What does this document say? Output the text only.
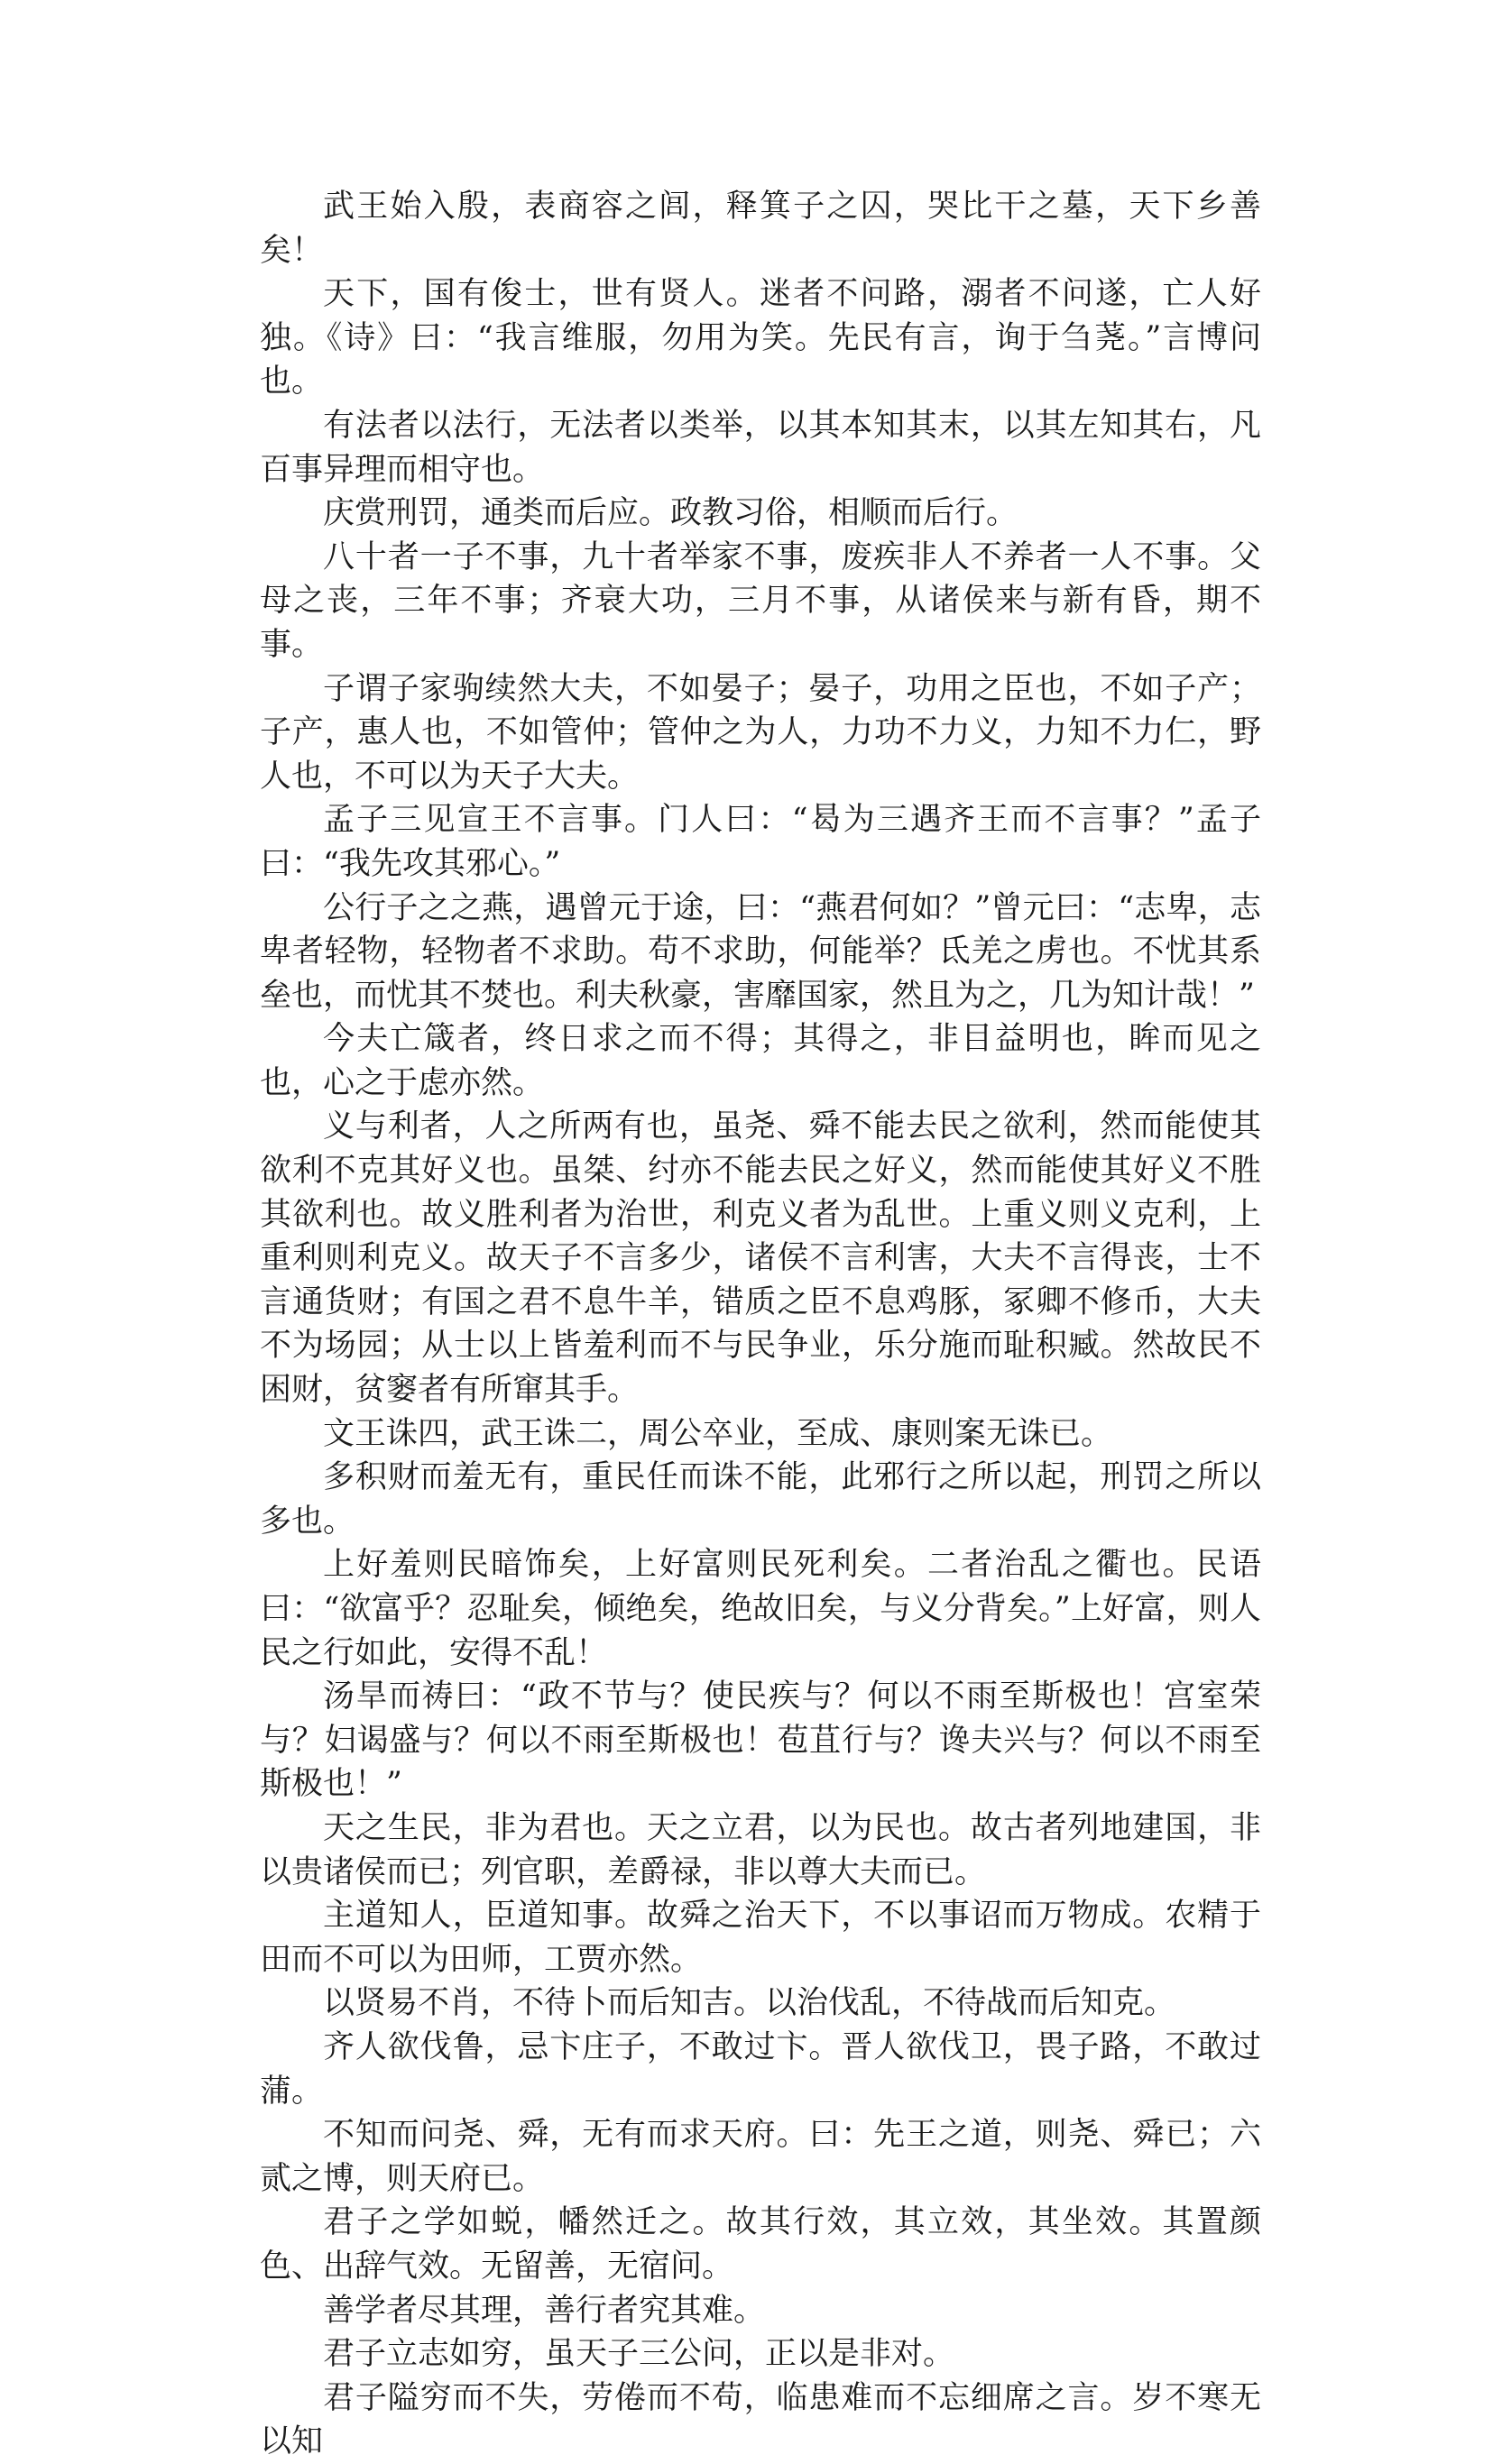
武王始入殷，表商容之闾，释箕子之囚，哭比干之墓，天下乡善矣！

天下，国有俊士，世有贤人。迷者不问路，溺者不问遂，亡人好独。《诗》曰：“我言维服，勿用为笑。先民有言，询于刍荛。”言博问也。

有法者以法行，无法者以类举，以其本知其末，以其左知其右，凡百事异理而相守也。

庆赏刑罚，通类而后应。政教习俗，相顺而后行。

八十者一子不事，九十者举家不事，废疾非人不养者一人不事。父母之丧，三年不事；齐衰大功，三月不事，从诸侯来与新有昏，期不事。

子谓子家驹续然大夫，不如晏子；晏子，功用之臣也，不如子产；子产，惠人也，不如管仲；管仲之为人，力功不力义，力知不力仁，野人也，不可以为天子大夫。

孟子三见宣王不言事。门人曰：“曷为三遇齐王而不言事？”孟子曰：“我先攻其邪心。”

公行子之之燕，遇曾元于途，曰：“燕君何如？”曾元曰：“志卑，志卑者轻物，轻物者不求助。苟不求助，何能举？氐羌之虏也。不忧其系垒也，而忧其不焚也。利夫秋豪，害靡国家，然且为之，几为知计哉！”

今夫亡箴者，终日求之而不得；其得之，非目益明也，眸而见之也，心之于虑亦然。

义与利者，人之所两有也，虽尧、舜不能去民之欲利，然而能使其欲利不克其好义也。虽桀、纣亦不能去民之好义，然而能使其好义不胜其欲利也。故义胜利者为治世，利克义者为乱世。上重义则义克利，上重利则利克义。故天子不言多少，诸侯不言利害，大夫不言得丧，士不言通货财；有国之君不息牛羊，错质之臣不息鸡豚，冢卿不修币，大夫不为场园；从士以上皆羞利而不与民争业，乐分施而耻积臧。然故民不困财，贫窭者有所窜其手。

文王诛四，武王诛二，周公卒业，至成、康则案无诛已。

多积财而羞无有，重民任而诛不能，此邪行之所以起，刑罚之所以多也。

上好羞则民暗饰矣，上好富则民死利矣。二者治乱之衢也。民语曰：“欲富乎？忍耻矣，倾绝矣，绝故旧矣，与义分背矣。”上好富，则人民之行如此，安得不乱！

汤旱而祷曰：“政不节与？使民疾与？何以不雨至斯极也！宫室荣与？妇谒盛与？何以不雨至斯极也！苞苴行与？谗夫兴与？何以不雨至斯极也！”

天之生民，非为君也。天之立君，以为民也。故古者列地建国，非以贵诸侯而已；列官职，差爵禄，非以尊大夫而已。

主道知人，臣道知事。故舜之治天下，不以事诏而万物成。农精于田而不可以为田师，工贾亦然。

以贤易不肖，不待卜而后知吉。以治伐乱，不待战而后知克。

齐人欲伐鲁，忌卞庄子，不敢过卞。晋人欲伐卫，畏子路，不敢过蒲。

不知而问尧、舜，无有而求天府。曰：先王之道，则尧、舜已；六贰之博，则天府已。

君子之学如蜕，幡然迁之。故其行效，其立效，其坐效。其置颜色、出辞气效。无留善，无宿问。

善学者尽其理，善行者究其难。

君子立志如穷，虽天子三公问，正以是非对。

君子隘穷而不失，劳倦而不苟，临患难而不忘细席之言。岁不寒无以知
